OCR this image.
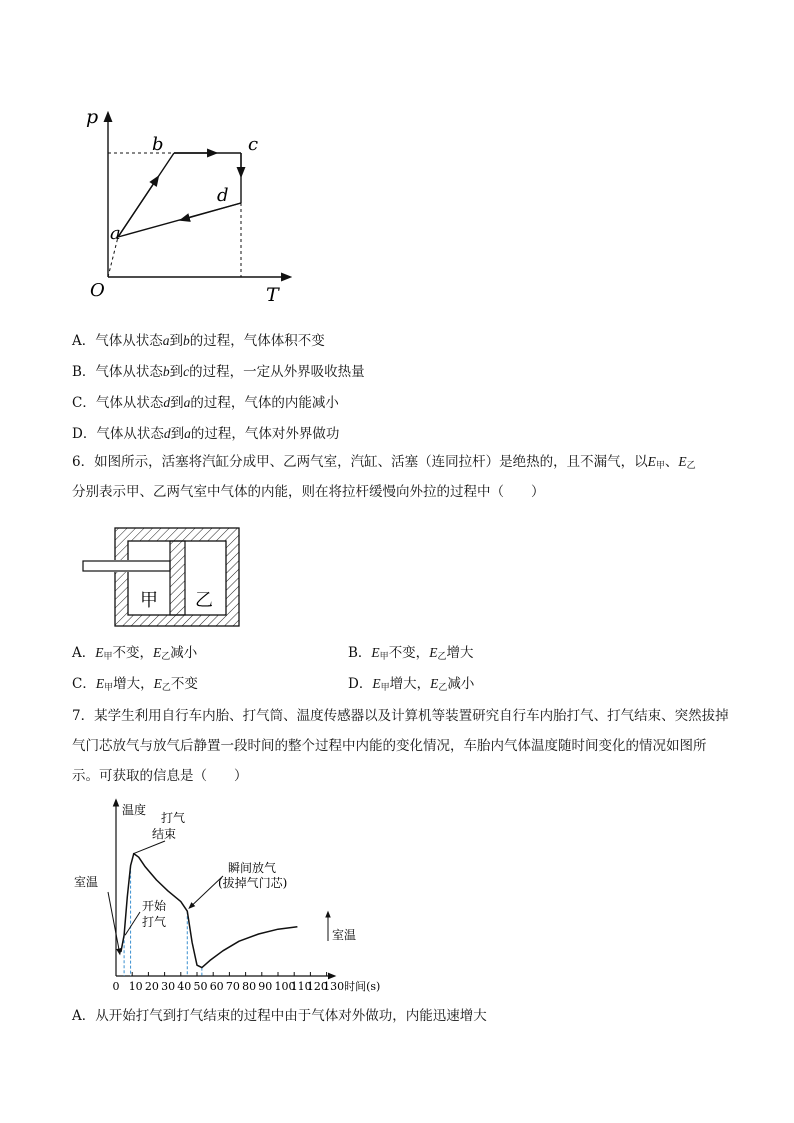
p
T
O
a
b	c
d
A．气体从状态a到b的过程，气体体积不变
B．气体从状态b到c的过程，一定从外界吸收热量
C．气体从状态d到a的过程，气体的内能减小
D．气体从状态d到a的过程，气体对外界做功
6．如图所示，活塞将汽缸分成甲、乙两气室，汽缸、活塞（连同拉杆）是绝热的，且不漏气，以$E_甲$、$E_乙$
分别表示甲、乙两气室中气体的内能，则在将拉杆缓慢向外拉的过程中（　　）
甲 乙
A．$E_甲$不变，$E_乙$减小	B．$E_甲$不变，$E_乙$增大
C．$E_甲$增大，$E_乙$不变	D．$E_甲$增大，$E_乙$减小
7．某学生利用自行车内胎、打气筒、温度传感器以及计算机等装置研究自行车内胎打气、打气结束、突然拔掉气门芯放气与放气后静置一段时间的整个过程中内能的变化情况，车胎内气体温度随时间变化的情况如图所示。可获取的信息是（　　）
温度
0 10 20 30 40 50 60 70 80 90 100
110
120
130时间(s)
室温
开始
打气
打气
结束
瞬间放气
(拔掉气门芯)
室温
A．从开始打气到打气结束的过程中由于气体对外做功，内能迅速增大
